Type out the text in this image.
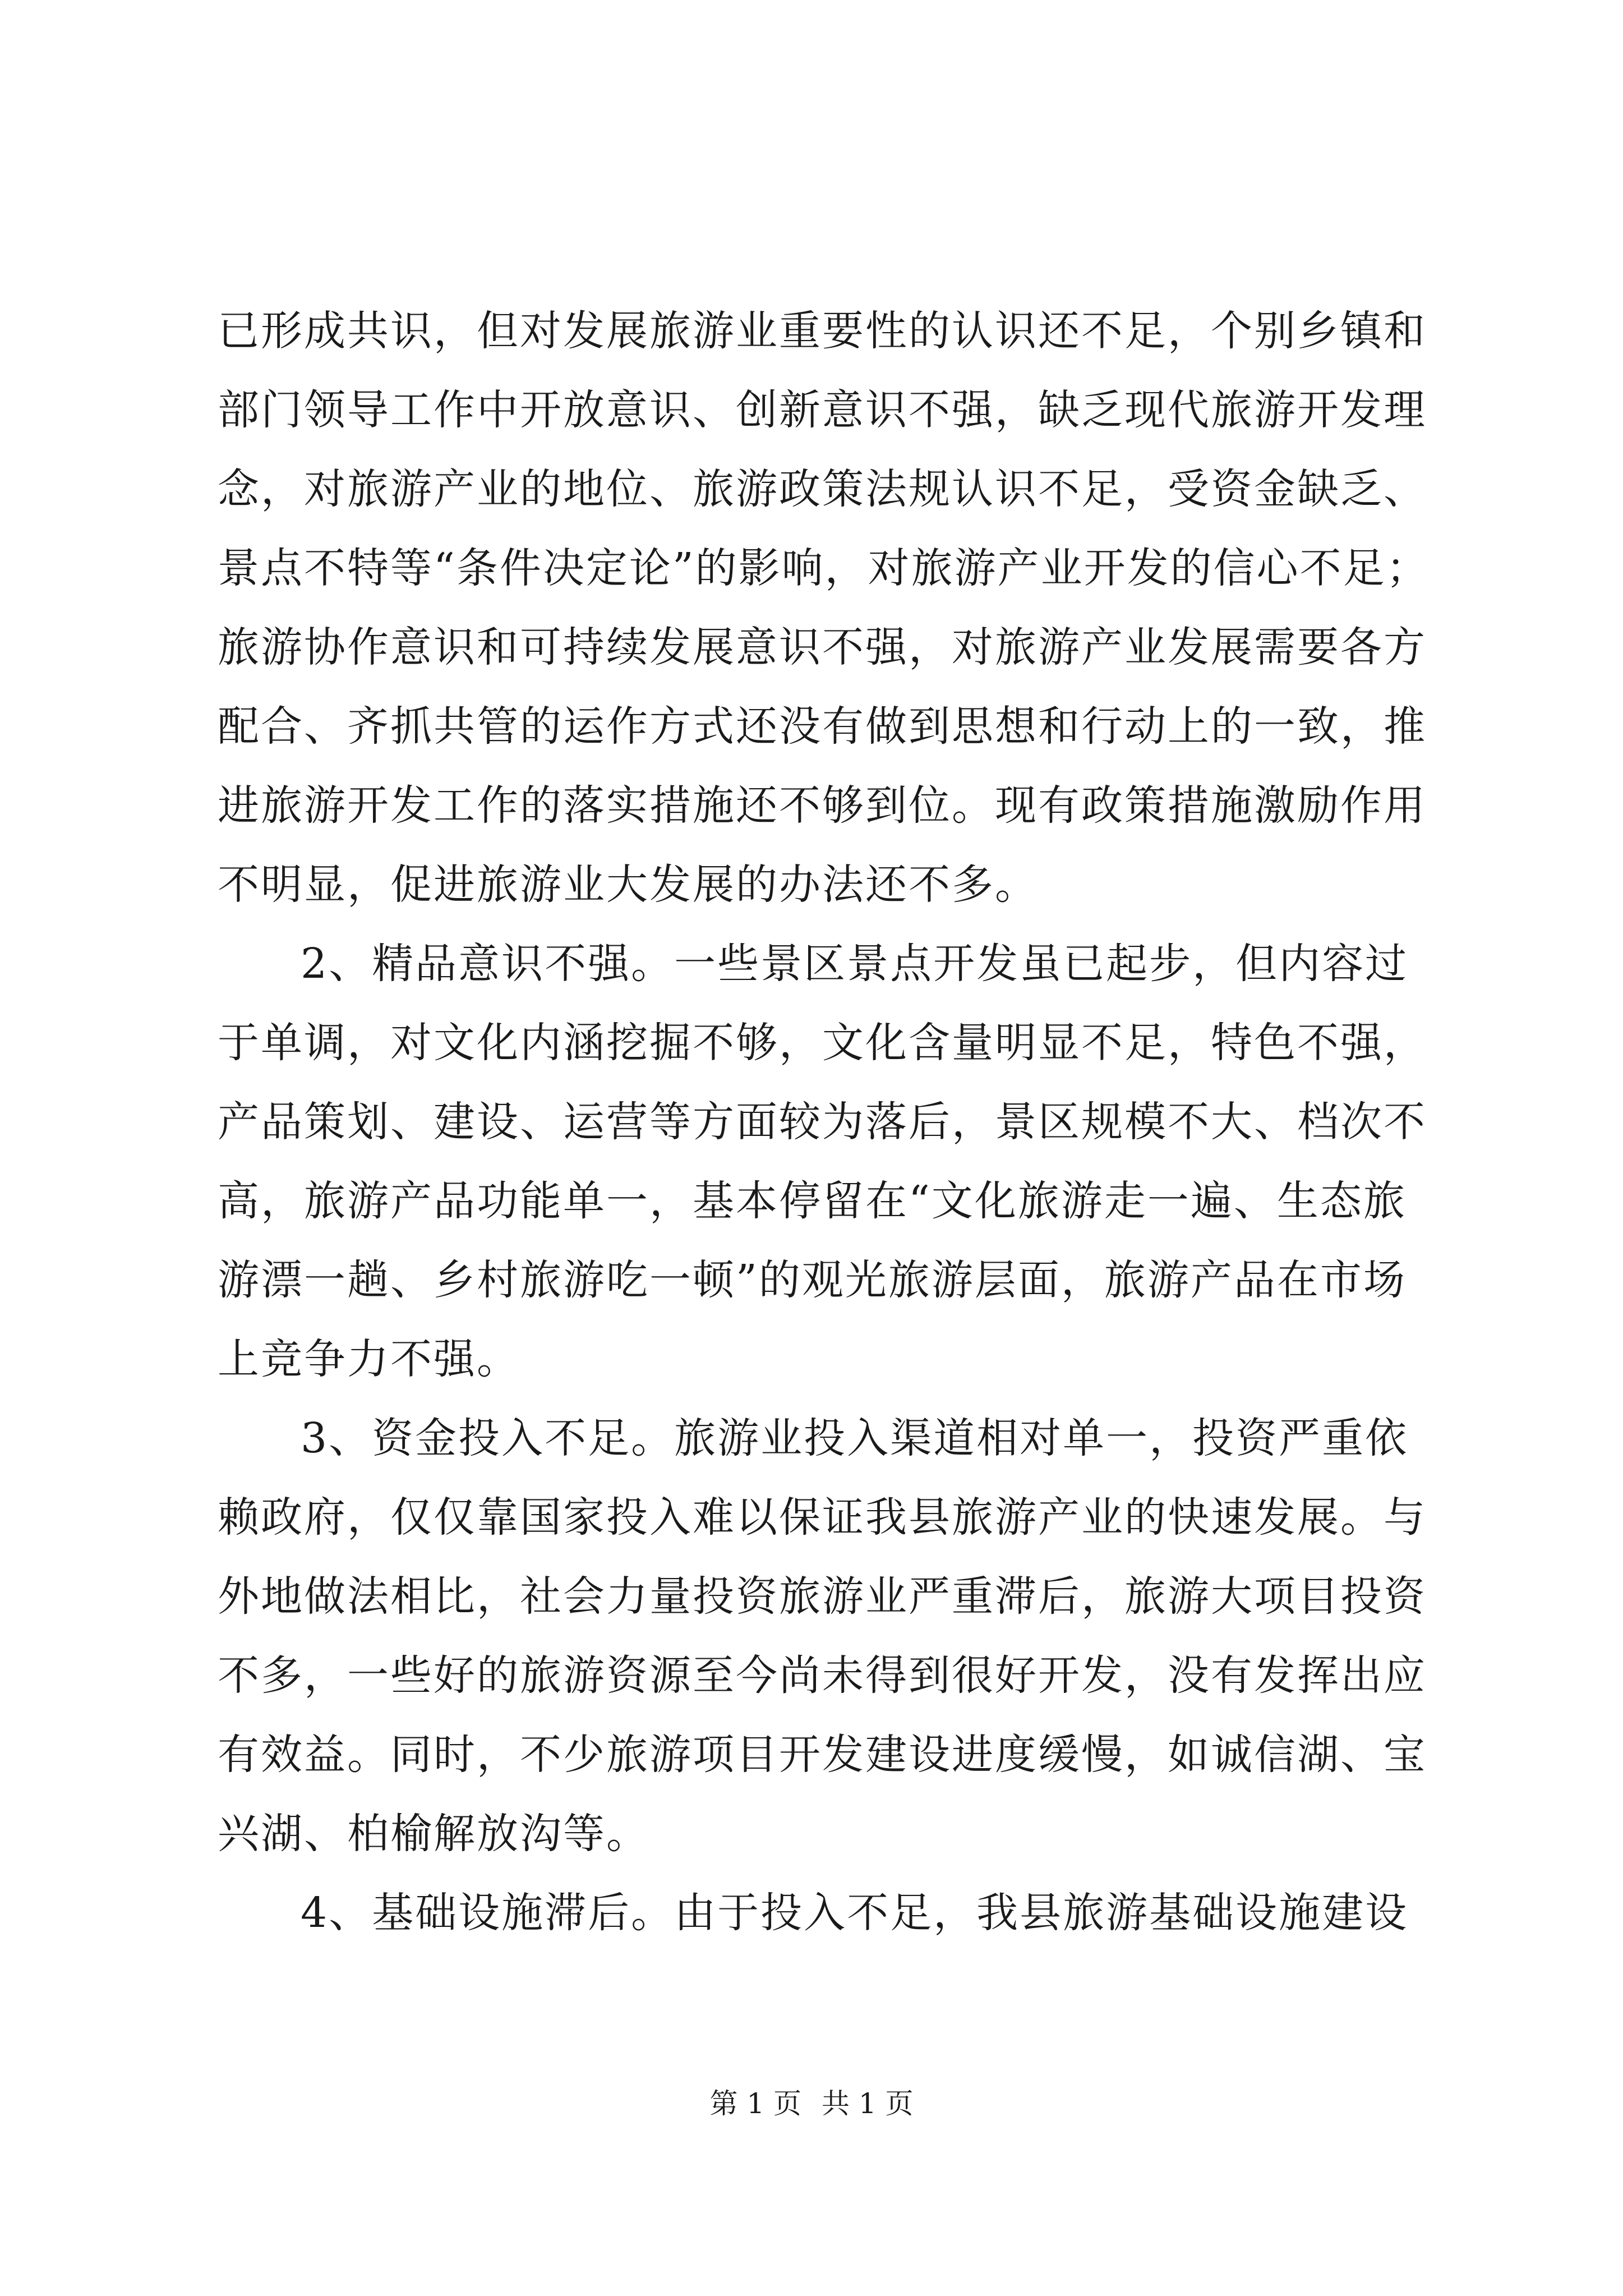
已形成共识，但对发展旅游业重要性的认识还不足，个别乡镇和
部门领导工作中开放意识、创新意识不强，缺乏现代旅游开发理
念，对旅游产业的地位、旅游政策法规认识不足，受资金缺乏、
景点不特等“条件决定论”的影响，对旅游产业开发的信心不足；
旅游协作意识和可持续发展意识不强，对旅游产业发展需要各方
配合、齐抓共管的运作方式还没有做到思想和行动上的一致，推
进旅游开发工作的落实措施还不够到位。现有政策措施激励作用
不明显，促进旅游业大发展的办法还不多。
2、精品意识不强。一些景区景点开发虽已起步，但内容过
于单调，对文化内涵挖掘不够，文化含量明显不足，特色不强，
产品策划、建设、运营等方面较为落后，景区规模不大、档次不
高，旅游产品功能单一，基本停留在“文化旅游走一遍、生态旅
游漂一趟、乡村旅游吃一顿”的观光旅游层面，旅游产品在市场
上竞争力不强。
3、资金投入不足。旅游业投入渠道相对单一，投资严重依
赖政府，仅仅靠国家投入难以保证我县旅游产业的快速发展。与
外地做法相比，社会力量投资旅游业严重滞后，旅游大项目投资
不多，一些好的旅游资源至今尚未得到很好开发，没有发挥出应
有效益。同时，不少旅游项目开发建设进度缓慢，如诚信湖、宝
兴湖、柏榆解放沟等。
4、基础设施滞后。由于投入不足，我县旅游基础设施建设
第 1 页 共 1 页
